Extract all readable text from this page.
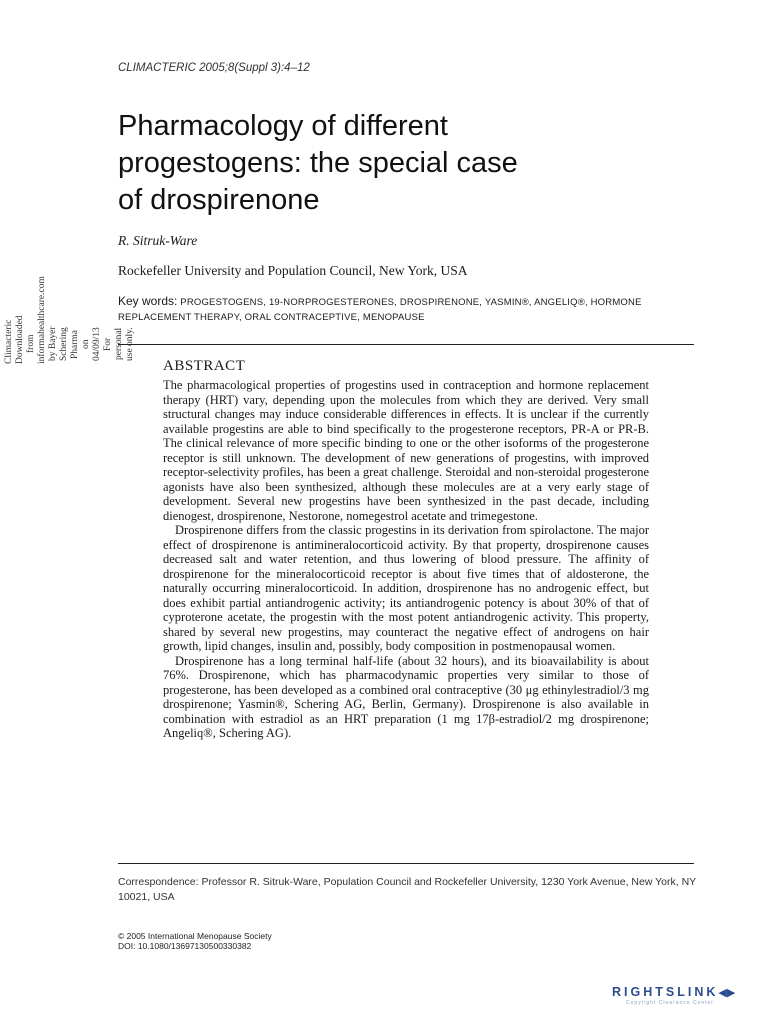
Climacteric Downloaded from informahealthcare.com by Bayer Schering Pharma on 04/09/13 For personal use only.
CLIMACTERIC 2005;8(Suppl 3):4–12
Pharmacology of different
progestogens: the special case
of drospirenone
R. Sitruk-Ware
Rockefeller University and Population Council, New York, USA
Key words: PROGESTOGENS, 19-NORPROGESTERONES, DROSPIRENONE, YASMIN®, ANGELIQ®, HORMONE REPLACEMENT THERAPY, ORAL CONTRACEPTIVE, MENOPAUSE
ABSTRACT

The pharmacological properties of progestins used in contraception and hormone replacement therapy (HRT) vary, depending upon the molecules from which they are derived. Very small structural changes may induce considerable differences in effects. It is unclear if the currently available progestins are able to bind specifically to the progesterone receptors, PR-A or PR-B. The clinical relevance of more specific binding to one or the other isoforms of the progesterone receptor is still unknown. The development of new generations of progestins, with improved receptor-selectivity profiles, has been a great challenge. Steroidal and non-steroidal progesterone agonists have also been synthesized, although these molecules are at a very early stage of development. Several new progestins have been synthesized in the past decade, including dienogest, drospirenone, Nestorone, nomegestrol acetate and trimegestone.

Drospirenone differs from the classic progestins in its derivation from spirolactone. The major effect of drospirenone is antimineralocorticoid activity. By that property, drospirenone causes decreased salt and water retention, and thus lowering of blood pressure. The affinity of drospirenone for the mineralocorticoid receptor is about five times that of aldosterone, the naturally occurring mineralocorticoid. In addition, drospirenone has no androgenic effect, but does exhibit partial antiandrogenic activity; its antiandrogenic potency is about 30% of that of cyproterone acetate, the progestin with the most potent antiandrogenic activity. This property, shared by several new progestins, may counteract the negative effect of androgens on hair growth, lipid changes, insulin and, possibly, body composition in postmenopausal women.

Drospirenone has a long terminal half-life (about 32 hours), and its bioavailability is about 76%. Drospirenone, which has pharmacodynamic properties very similar to those of progesterone, has been developed as a combined oral contraceptive (30 μg ethinylestradiol/3 mg drospirenone; Yasmin®, Schering AG, Berlin, Germany). Drospirenone is also available in combination with estradiol as an HRT preparation (1 mg 17β-estradiol/2 mg drospirenone; Angeliq®, Schering AG).

Correspondence: Professor R. Sitruk-Ware, Population Council and Rockefeller University, 1230 York Avenue, New York, NY 10021, USA
© 2005 International Menopause Society
DOI: 10.1080/13697130500330382
RIGHTSLINK◀▶
Copyright Clearance Center
